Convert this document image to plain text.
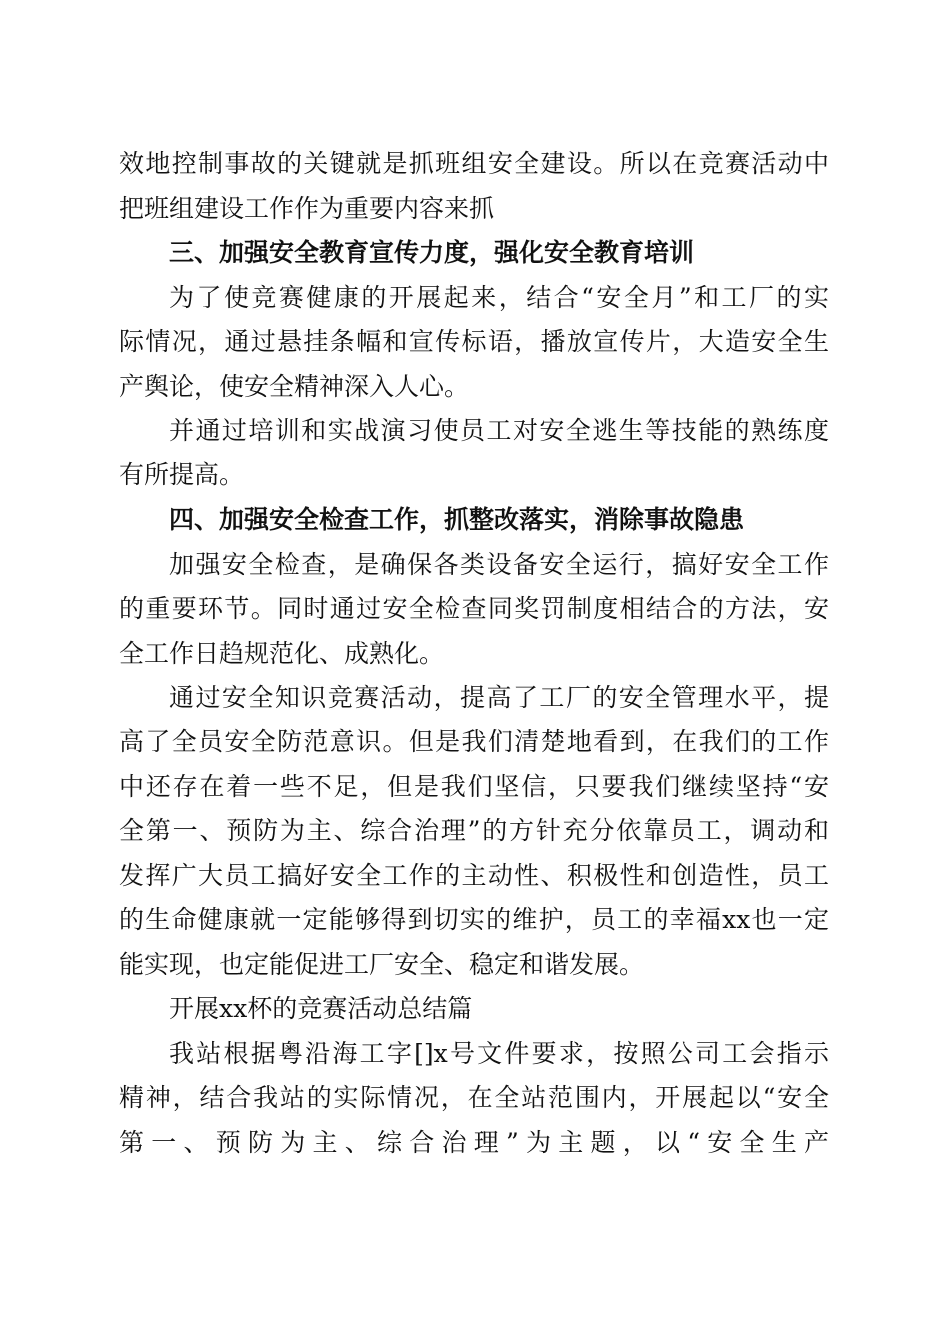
效地控制事故的关键就是抓班组安全建设。所以在竞赛活动中
把班组建设工作作为重要内容来抓
三、加强安全教育宣传力度，强化安全教育培训
为了使竞赛健康的开展起来，结合“安全月”和工厂的实
际情况，通过悬挂条幅和宣传标语，播放宣传片，大造安全生
产舆论，使安全精神深入人心。
并通过培训和实战演习使员工对安全逃生等技能的熟练度
有所提高。
四、加强安全检查工作，抓整改落实，消除事故隐患
加强安全检查，是确保各类设备安全运行，搞好安全工作
的重要环节。同时通过安全检查同奖罚制度相结合的方法，安
全工作日趋规范化、成熟化。
通过安全知识竞赛活动，提高了工厂的安全管理水平，提
高了全员安全防范意识。但是我们清楚地看到，在我们的工作
中还存在着一些不足，但是我们坚信，只要我们继续坚持“安
全第一、预防为主、综合治理”的方针充分依靠员工，调动和
发挥广大员工搞好安全工作的主动性、积极性和创造性，员工
的生命健康就一定能够得到切实的维护，员工的幸福xx也一定
能实现，也定能促进工厂安全、稳定和谐发展。
开展xx杯的竞赛活动总结篇
我站根据粤沿海工字[]x号文件要求，按照公司工会指示
精神，结合我站的实际情况，在全站范围内，开展起以“安全
第一、预防为主、综合治理”为主题，以“安全生产
